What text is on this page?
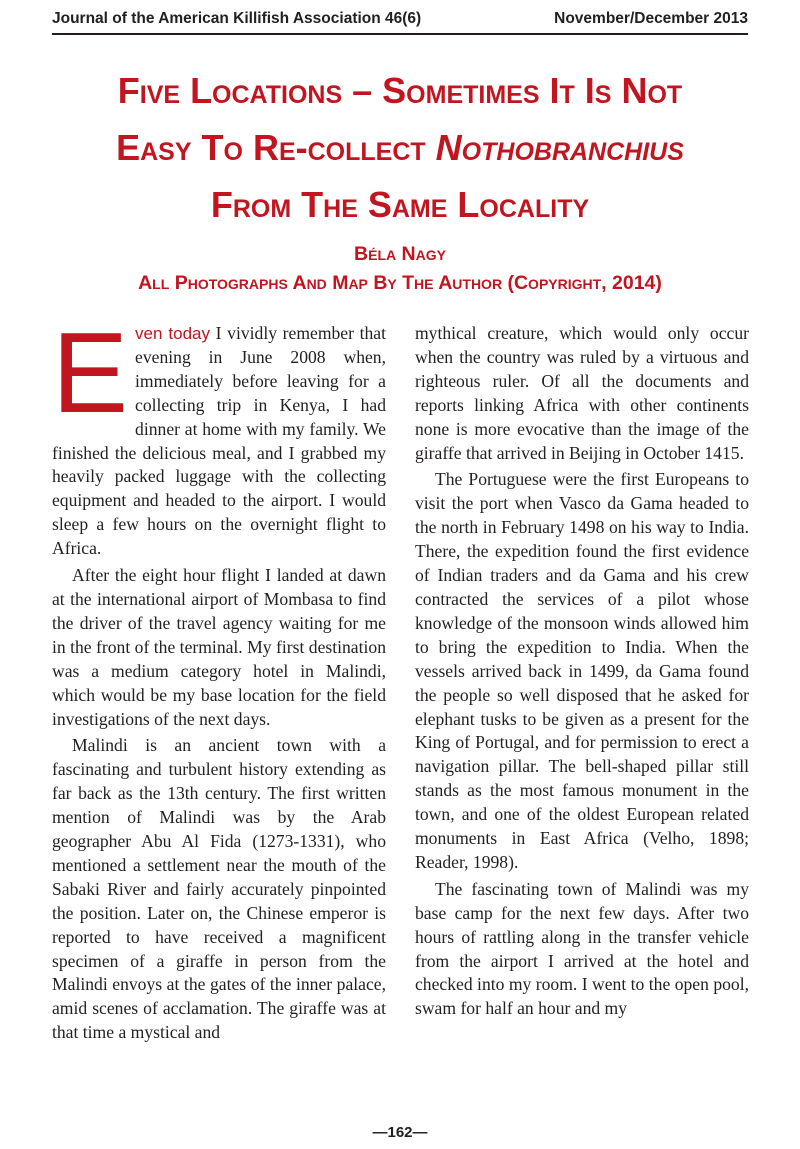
Journal of the American Killifish Association 46(6)	November/December 2013
Five Locations – Sometimes It Is Not
Easy To Re-collect Nothobranchius
From The Same Locality
Béla Nagy
All Photographs And Map By The Author (Copyright, 2014)

Even today I vividly remember that evening in June 2008 when, immediately before leaving for a collecting trip in Kenya, I had dinner at home with my family. We finished the delicious meal, and I grabbed my heavily packed luggage with the collecting equipment and headed to the airport. I would sleep a few hours on the overnight flight to Africa.

After the eight hour flight I landed at dawn at the international airport of Mombasa to find the driver of the travel agency waiting for me in the front of the terminal. My first destination was a medium category hotel in Malindi, which would be my base location for the field investigations of the next days.

Malindi is an ancient town with a fascinating and turbulent history extending as far back as the 13th century. The first written mention of Malindi was by the Arab geographer Abu Al Fida (1273-1331), who mentioned a settlement near the mouth of the Sabaki River and fairly accurately pinpointed the position. Later on, the Chinese emperor is reported to have received a magnificent specimen of a giraffe in person from the Malindi envoys at the gates of the inner palace, amid scenes of acclamation. The giraffe was at that time a mystical and

mythical creature, which would only occur when the country was ruled by a virtuous and righteous ruler. Of all the documents and reports linking Africa with other continents none is more evocative than the image of the giraffe that arrived in Beijing in October 1415.

The Portuguese were the first Europeans to visit the port when Vasco da Gama headed to the north in February 1498 on his way to India. There, the expedition found the first evidence of Indian traders and da Gama and his crew contracted the services of a pilot whose knowledge of the monsoon winds allowed him to bring the expedition to India. When the vessels arrived back in 1499, da Gama found the people so well disposed that he asked for elephant tusks to be given as a present for the King of Portugal, and for permission to erect a navigation pillar. The bell-shaped pillar still stands as the most famous monument in the town, and one of the oldest European related monuments in East Africa (Velho, 1898; Reader, 1998).

The fascinating town of Malindi was my base camp for the next few days. After two hours of rattling along in the transfer vehicle from the airport I arrived at the hotel and checked into my room. I went to the open pool, swam for half an hour and my

—162—
